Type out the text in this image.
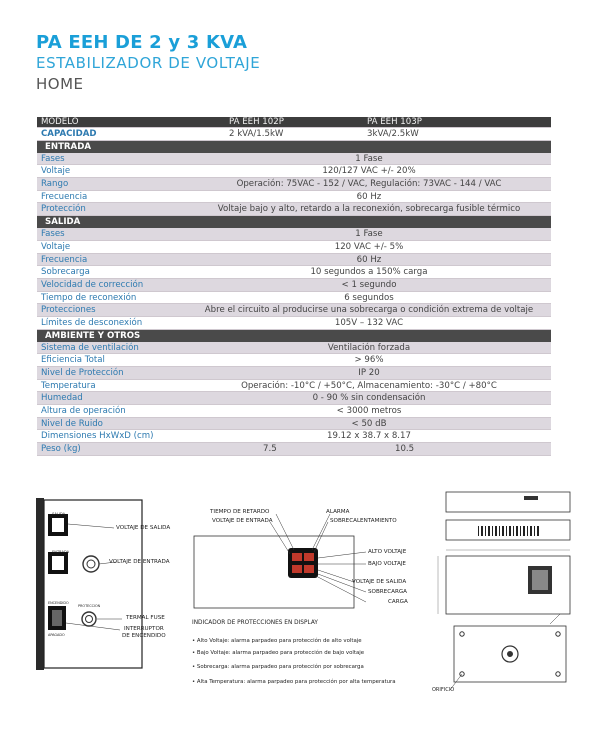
PA EEH DE 2 y 3 KVA
ESTABILIZADOR DE VOLTAJE
HOME
MODELO	PA EEH 102P	PA EEH 103P
CAPACIDAD	2 kVA/1.5kW	3kVA/2.5kW
ENTRADA
Fases	1 Fase
Voltaje	120/127 VAC +/- 20%
Rango	Operación: 75VAC - 152 / VAC, Regulación: 73VAC - 144 / VAC
Frecuencia	60 Hz
Protección	Voltaje bajo y alto, retardo a la reconexión, sobrecarga fusible térmico
SALIDA
Fases	1 Fase
Voltaje	120 VAC +/- 5%
Frecuencia	60 Hz
Sobrecarga	10 segundos a 150% carga
Velocidad de corrección	< 1 segundo
Tiempo de reconexión	6 segundos
Protecciones	Abre el circuito al producirse una sobrecarga o condición extrema de voltaje
Límites de desconexión	105V – 132 VAC
AMBIENTE Y OTROS
Sistema de ventilación	Ventilación forzada
Eficiencia Total	> 96%
Nivel de Protección	IP 20
Temperatura	Operación: -10°C / +50°C, Almacenamiento: -30°C / +80°C
Humedad	0 - 90 % sin condensación
Altura de operación	< 3000 metros
Nivel de Ruido	< 50 dB
Dimensiones HxWxD (cm)	19.12 x 38.7 x 8.17
Peso (kg)	7.5	10.5
SALIDA
ENTRADA
ENCENDIDO
APAGADO
PROTECCION
VOLTAJE DE SALIDA
VOLTAJE DE ENTRADA
TERMAL FUSE
INTERRUPTOR
DE ENCENDIDO
TIEMPO DE RETARDO
VOLTAJE DE ENTRADA
ALARMA
SOBRECALENTAMIENTO
ALTO VOLTAJE
BAJO VOLTAJE
VOLTAJE DE SALIDA
SOBRECARGA
CARGA
INDICADOR DE PROTECCIONES EN DISPLAY
• Alto Voltaje: alarma parpadeo para protección de alto voltaje
• Bajo Voltaje: alarma parpadeo para protección de bajo voltaje
• Sobrecarga: alarma parpadeo para protección por sobrecarga
• Alta Temperatura: alarma parpadeo para protección por alta temperatura
ORIFICIO
